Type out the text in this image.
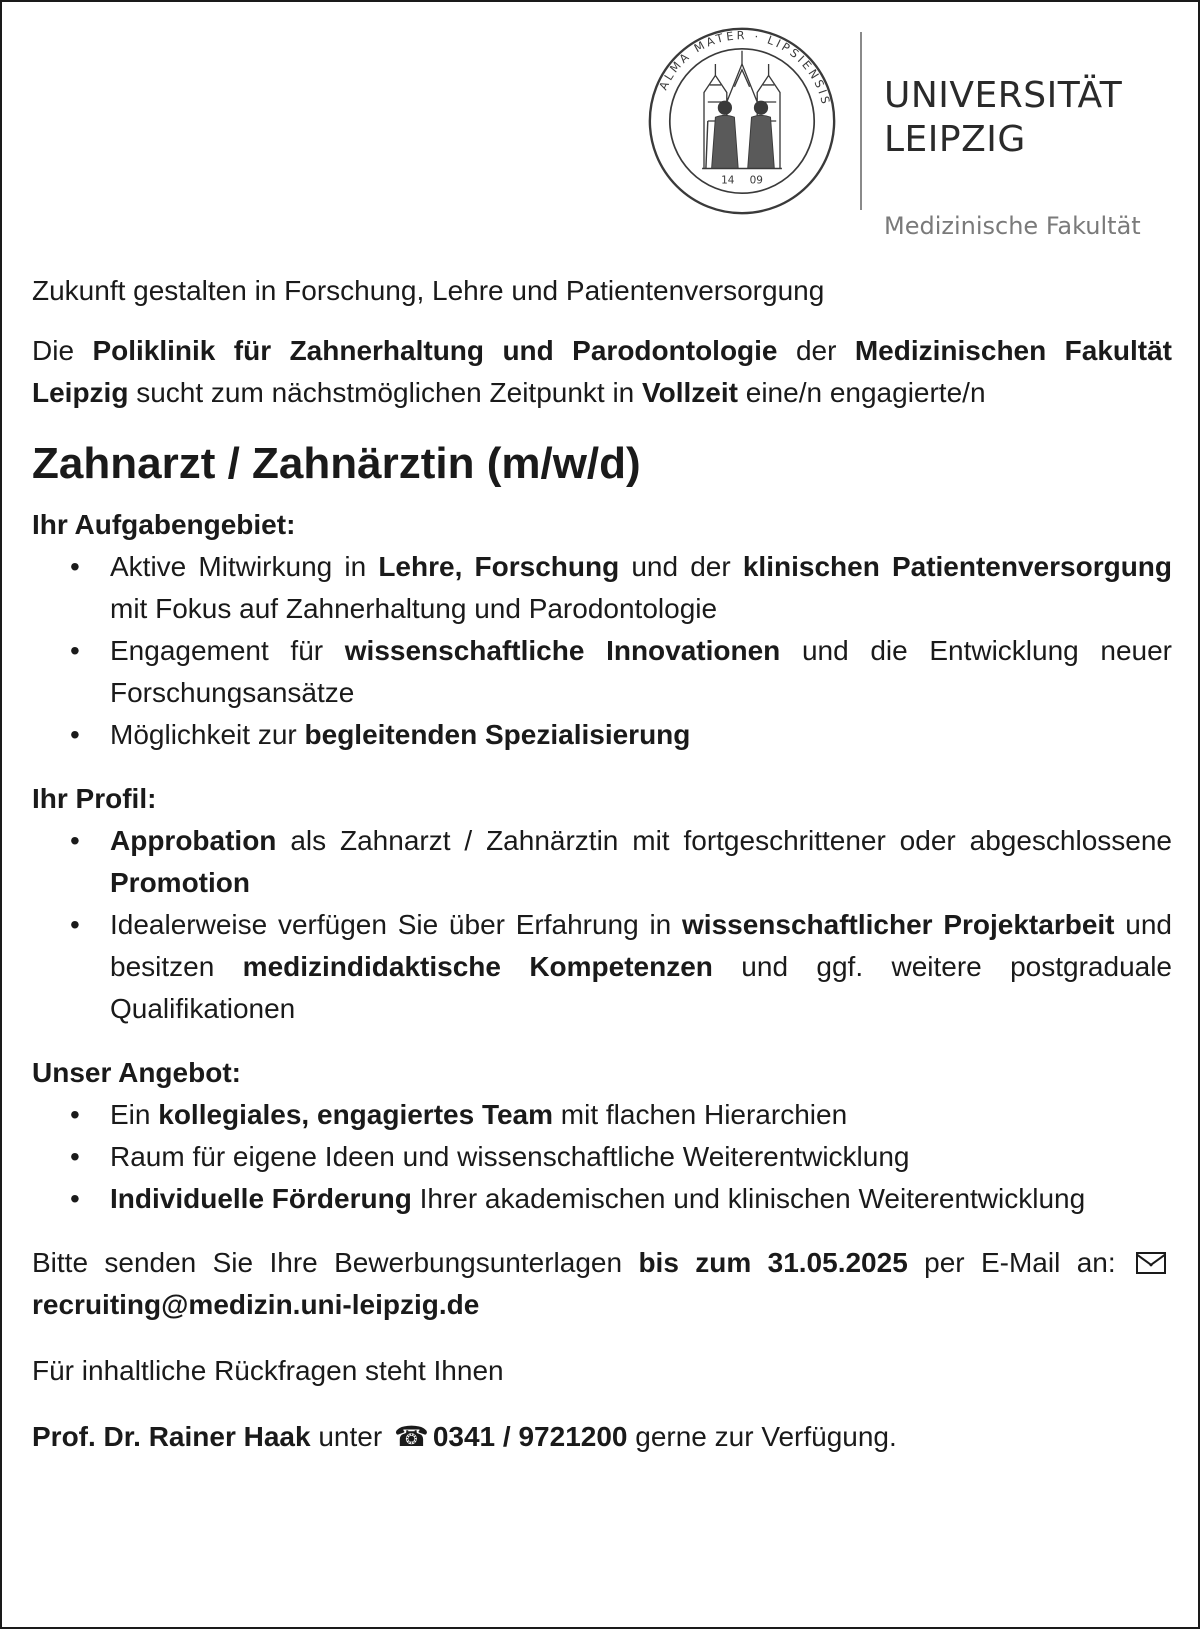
14 09
ALMA MATER · LIPSIENSIS UNIVERSITÄT
LEIPZIG
Medizinische Fakultät

Zukunft gestalten in Forschung, Lehre und Patientenversorgung

Die Poliklinik für Zahnerhaltung und Parodontologie der Medizinischen Fakultät Leipzig sucht zum nächstmöglichen Zeitpunkt in Vollzeit eine/n engagierte/n

Zahnarzt / Zahnärztin (m/w/d)

Ihr Aufgabengebiet:

• Aktive Mitwirkung in Lehre, Forschung und der klinischen Patientenversorgung mit Fokus auf Zahnerhaltung und Parodontologie
• Engagement für wissenschaftliche Innovationen und die Entwicklung neuer Forschungsansätze
• Möglichkeit zur begleitenden Spezialisierung

Ihr Profil:

• Approbation als Zahnarzt / Zahnärztin mit fortgeschrittener oder abgeschlossene Promotion
• Idealerweise verfügen Sie über Erfahrung in wissenschaftlicher Projektarbeit und besitzen medizindidaktische Kompetenzen und ggf. weitere postgraduale Qualifikationen

Unser Angebot:

• Ein kollegiales, engagiertes Team mit flachen Hierarchien
• Raum für eigene Ideen und wissenschaftliche Weiterentwicklung
• Individuelle Förderung Ihrer akademischen und klinischen Weiterentwicklung

Bitte senden Sie Ihre Bewerbungsunterlagen bis zum 31.05.2025 per E-Mail an: recruiting@medizin.uni-leipzig.de

Für inhaltliche Rückfragen steht Ihnen

Prof. Dr. Rainer Haak unter ☎ 0341 / 9721200 gerne zur Verfügung.
